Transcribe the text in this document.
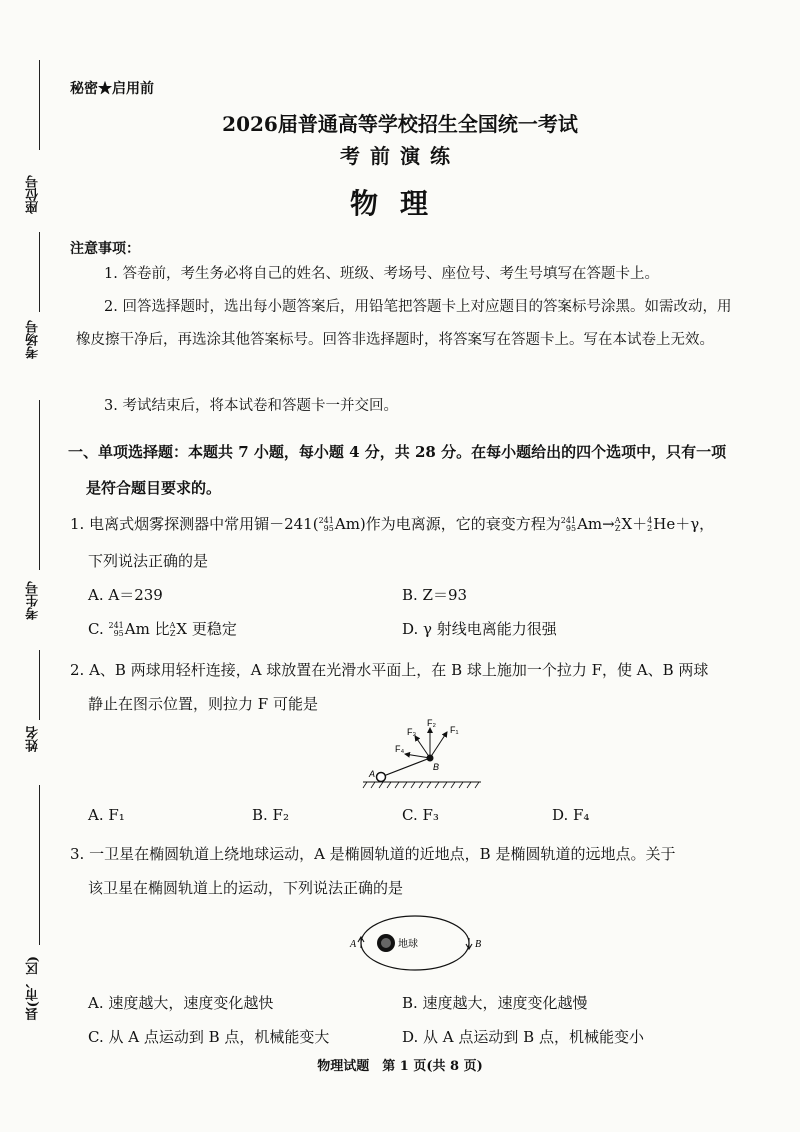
座位号
考场号
考生号
姓名
县(市、区)
秘密★启用前
2026届普通高等学校招生全国统一考试
考前演练
物理
注意事项：
1. 答卷前，考生务必将自己的姓名、班级、考场号、座位号、考生号填写在答题卡上。
2. 回答选择题时，选出每小题答案后，用铅笔把答题卡上对应题目的答案标号涂黑。如需改动，用橡皮擦干净后，再选涂其他答案标号。回答非选择题时，将答案写在答题卡上。写在本试卷上无效。
3. 考试结束后，将本试卷和答题卡一并交回。
一、单项选择题：本题共 7 小题，每小题 4 分，共 28 分。在每小题给出的四个选项中，只有一项
是符合题目要求的。
1. 电离式烟雾探测器中常用镅－241(241
95Am)作为电离源，它的衰变方程为241
95Am→A
ZX＋4
2He＋γ，
下列说法正确的是
A. A＝239	B. Z＝93
C. 241
95Am 比A
ZX 更稳定	D. γ 射线电离能力很强
2. A、B 两球用轻杆连接，A 球放置在光滑水平面上，在 B 球上施加一个拉力 F，使 A、B 两球
静止在图示位置，则拉力 F 可能是
F₁
F₂
F₃
F₄
A
B
A. F₁	B. F₂	C. F₃	D. F₄
3. 一卫星在椭圆轨道上绕地球运动，A 是椭圆轨道的近地点，B 是椭圆轨道的远地点。关于
该卫星在椭圆轨道上的运动，下列说法正确的是
A	B
地球
A. 速度越大，速度变化越快	B. 速度越大，速度变化越慢
C. 从 A 点运动到 B 点，机械能变大	D. 从 A 点运动到 B 点，机械能变小
物理试题　第 1 页(共 8 页)
